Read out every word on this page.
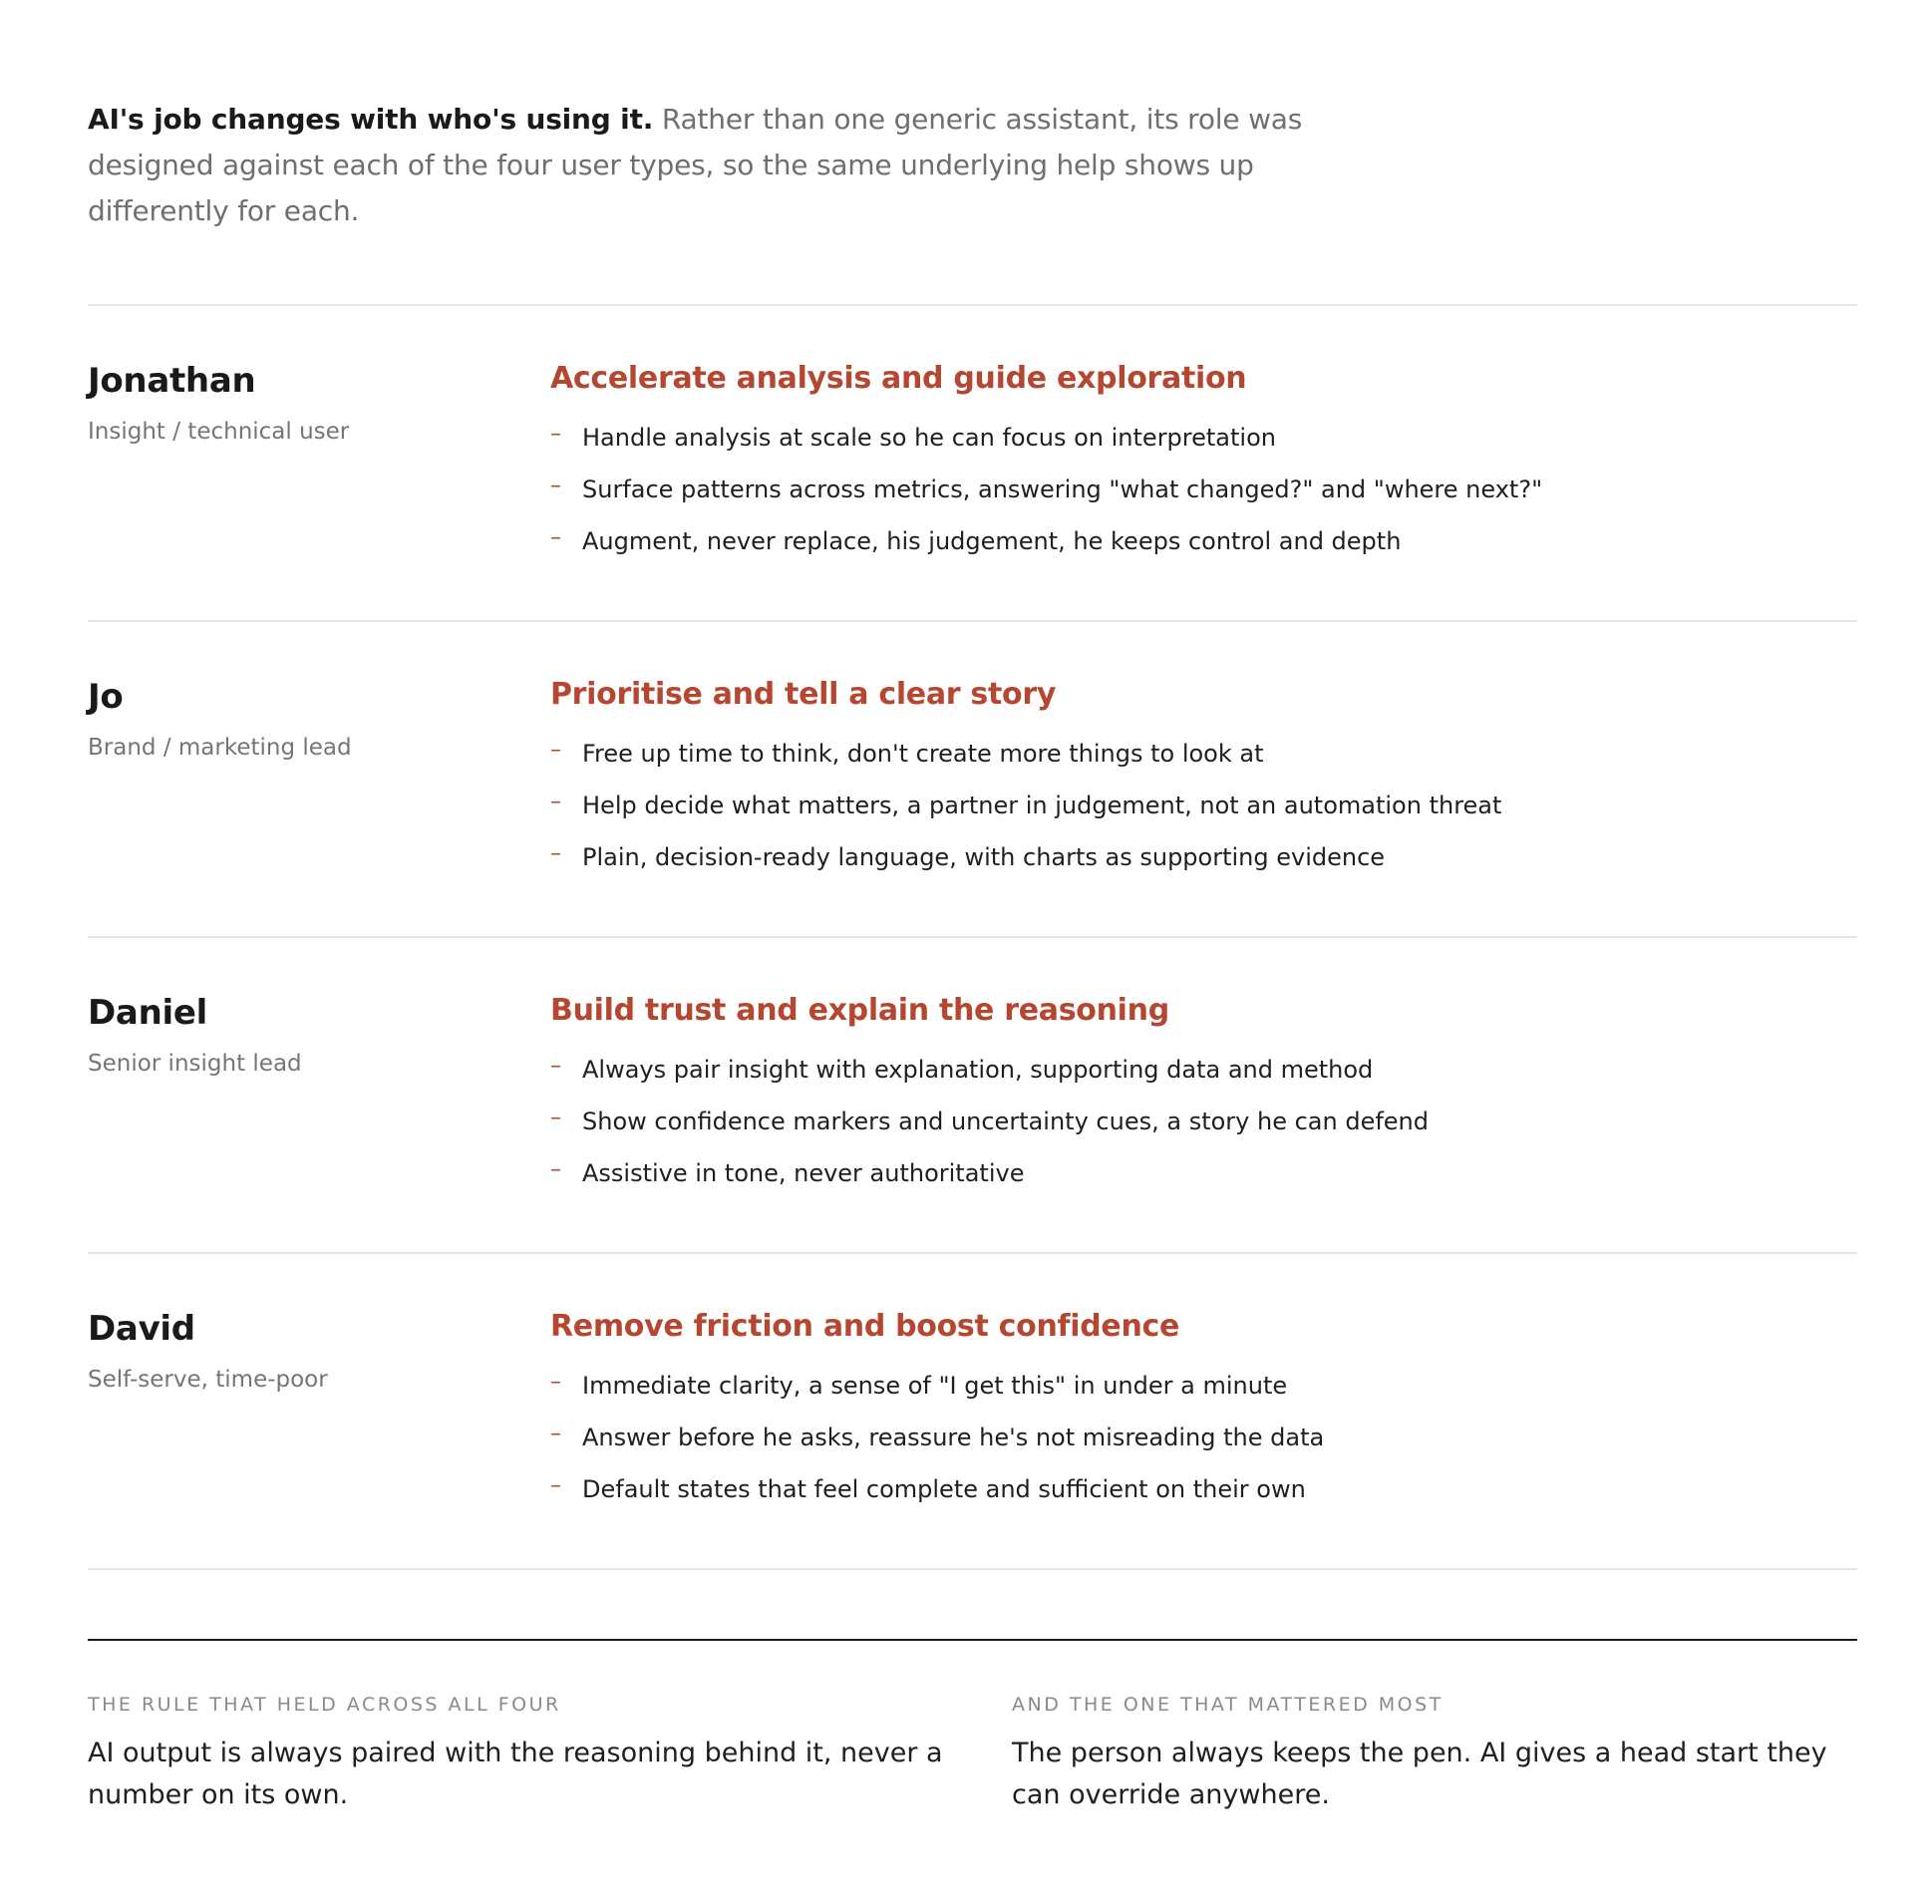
AI's job changes with who's using it. Rather than one generic assistant, its role was designed against each of the four user types, so the same underlying help shows up differently for each.

Jonathan
Insight / technical user
Accelerate analysis and guide exploration
– Handle analysis at scale so he can focus on interpretation
– Surface patterns across metrics, answering "what changed?" and "where next?"
– Augment, never replace, his judgement, he keeps control and depth
Jo
Brand / marketing lead
Prioritise and tell a clear story
– Free up time to think, don't create more things to look at
– Help decide what matters, a partner in judgement, not an automation threat
– Plain, decision-ready language, with charts as supporting evidence
Daniel
Senior insight lead
Build trust and explain the reasoning
– Always pair insight with explanation, supporting data and method
– Show confidence markers and uncertainty cues, a story he can defend
– Assistive in tone, never authoritative
David
Self-serve, time-poor
Remove friction and boost confidence
– Immediate clarity, a sense of "I get this" in under a minute
– Answer before he asks, reassure he's not misreading the data
– Default states that feel complete and sufficient on their own
THE RULE THAT HELD ACROSS ALL FOUR
AI output is always paired with the reasoning behind it, never a number on its own.
AND THE ONE THAT MATTERED MOST
The person always keeps the pen. AI gives a head start they can override anywhere.
